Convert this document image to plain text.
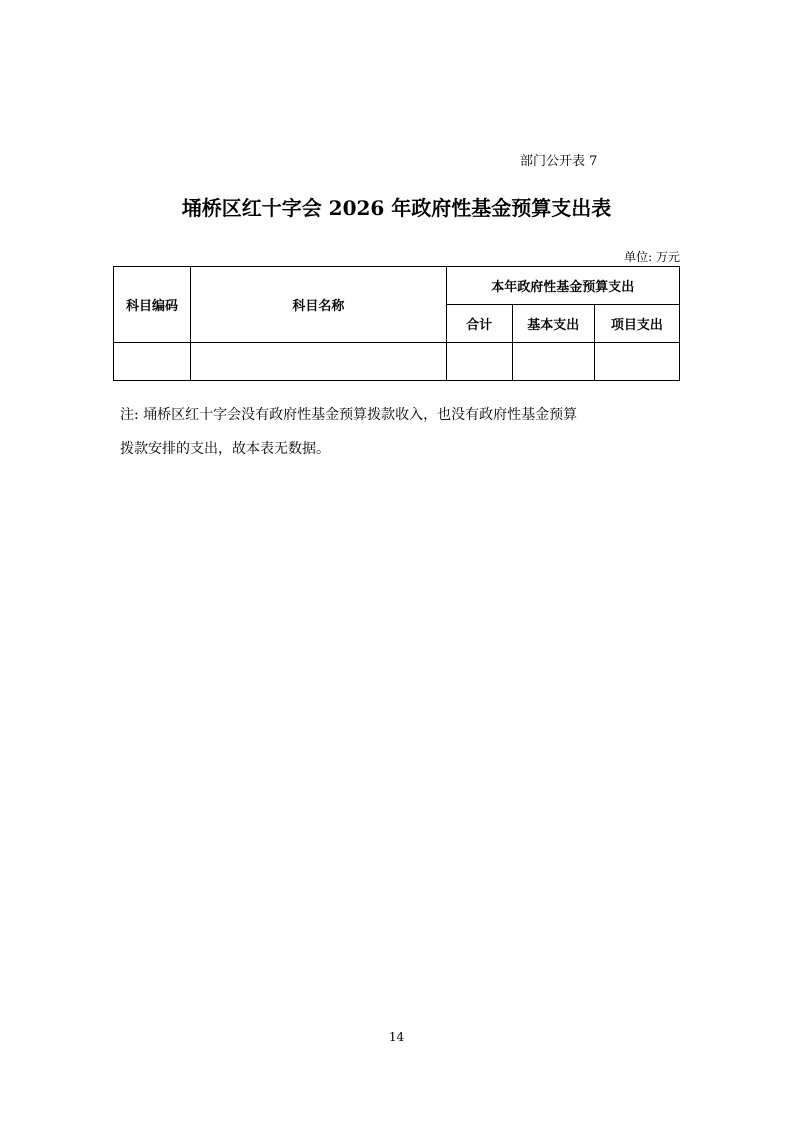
部门公开表 7
埇桥区红十字会 2026 年政府性基金预算支出表
单位: 万元
科目编码	科目名称	本年政府性基金预算支出		
		合计	基本支出	项目支出

注: 埇桥区红十字会没有政府性基金预算拨款收入，也没有政府性基金预算

拨款安排的支出，故本表无数据。

14
